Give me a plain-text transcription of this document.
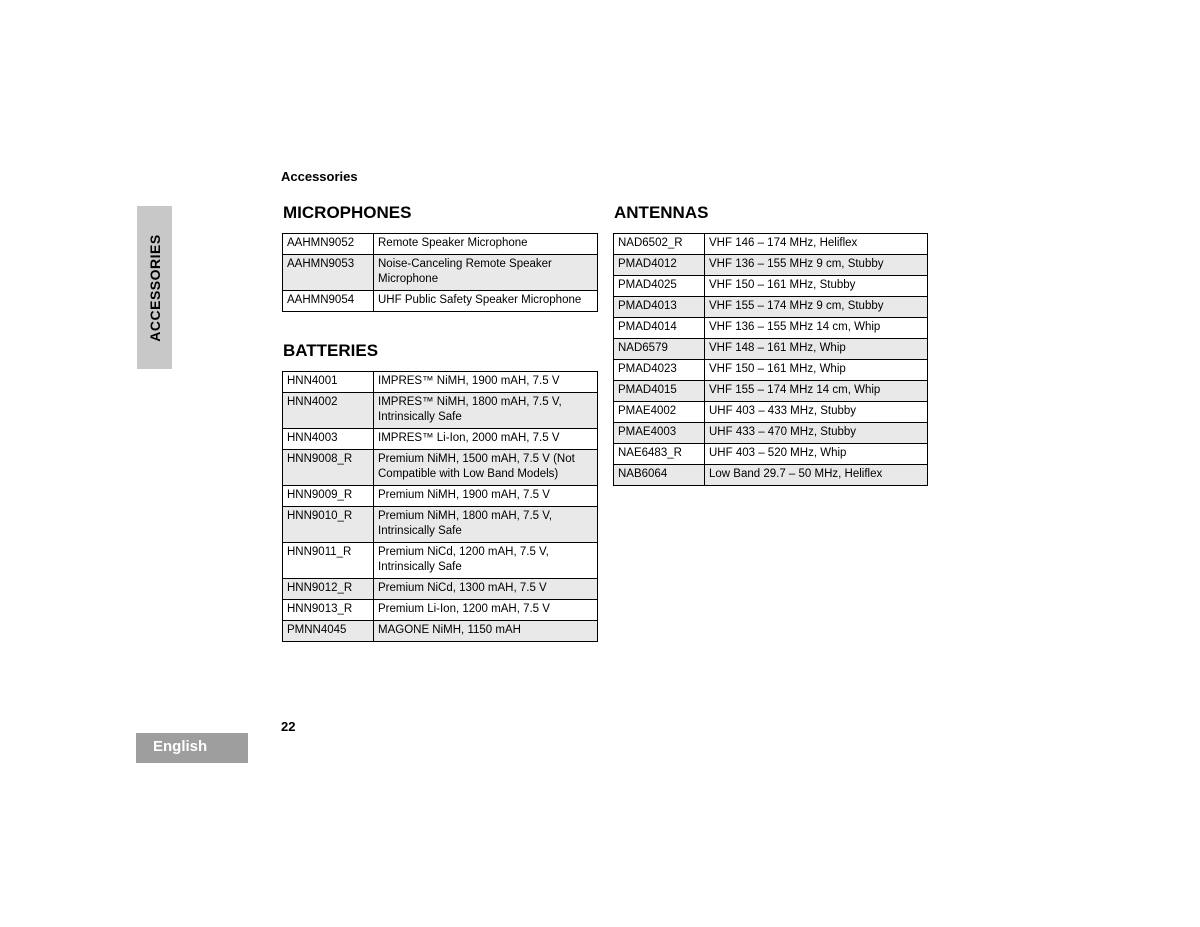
ACCESSORIES
Accessories
MICROPHONES
AAHMN9052	Remote Speaker Microphone
AAHMN9053	Noise-Canceling Remote Speaker Microphone
AAHMN9054	UHF Public Safety Speaker Microphone
BATTERIES
HNN4001	IMPRES™ NiMH, 1900 mAH, 7.5 V
HNN4002	IMPRES™ NiMH, 1800 mAH, 7.5 V, Intrinsically Safe
HNN4003	IMPRES™ Li-Ion, 2000 mAH, 7.5 V
HNN9008_R	Premium NiMH, 1500 mAH, 7.5 V (Not Compatible with Low Band Models)
HNN9009_R	Premium NiMH, 1900 mAH, 7.5 V
HNN9010_R	Premium NiMH, 1800 mAH, 7.5 V, Intrinsically Safe
HNN9011_R	Premium NiCd, 1200 mAH, 7.5 V, Intrinsically Safe
HNN9012_R	Premium NiCd, 1300 mAH, 7.5 V
HNN9013_R	Premium Li-Ion, 1200 mAH, 7.5 V
PMNN4045	MAGONE NiMH, 1150 mAH
ANTENNAS
NAD6502_R	VHF 146 – 174 MHz, Heliflex
PMAD4012	VHF 136 – 155 MHz 9 cm, Stubby
PMAD4025	VHF 150 – 161 MHz, Stubby
PMAD4013	VHF 155 – 174 MHz 9 cm, Stubby
PMAD4014	VHF 136 – 155 MHz 14 cm, Whip
NAD6579	VHF 148 – 161 MHz, Whip
PMAD4023	VHF 150 – 161 MHz, Whip
PMAD4015	VHF 155 – 174 MHz 14 cm, Whip
PMAE4002	UHF 403 – 433 MHz, Stubby
PMAE4003	UHF 433 – 470 MHz, Stubby
NAE6483_R	UHF 403 – 520 MHz, Whip
NAB6064	Low Band 29.7 – 50 MHz, Heliflex
22
English
